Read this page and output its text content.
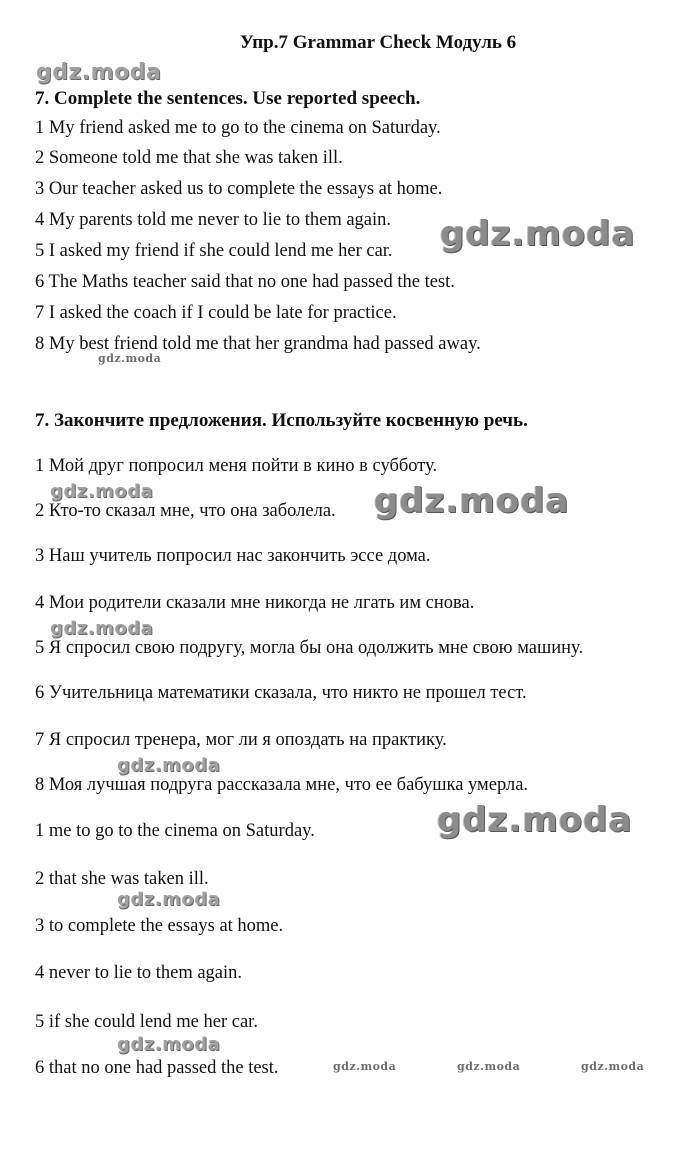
Упр.7 Grammar Check Модуль 6
7. Complete the sentences. Use reported speech.
1 My friend asked me to go to the cinema on Saturday.
2 Someone told me that she was taken ill.
3 Our teacher asked us to complete the essays at home.
4 My parents told me never to lie to them again.
5 I asked my friend if she could lend me her car.
6 The Maths teacher said that no one had passed the test.
7 I asked the coach if I could be late for practice.
8 My best friend told me that her grandma had passed away.
7. Закончите предложения. Используйте косвенную речь.
1 Мой друг попросил меня пойти в кино в субботу.
2 Кто-то сказал мне, что она заболела.
3 Наш учитель попросил нас закончить эссе дома.
4 Мои родители сказали мне никогда не лгать им снова.
5 Я спросил свою подругу, могла бы она одолжить мне свою машину.
6 Учительница математики сказала, что никто не прошел тест.
7 Я спросил тренера, мог ли я опоздать на практику.
8 Моя лучшая подруга рассказала мне, что ее бабушка умерла.
1 me to go to the cinema on Saturday.
2 that she was taken ill.
3 to complete the essays at home.
4 never to lie to them again.
5 if she could lend me her car.
6 that no one had passed the test.
gdz.moda
gdz.moda
gdz.moda
gdz.moda	gdz.moda
gdz.moda
gdz.moda
gdz.moda
gdz.moda
gdz.moda
gdz.moda	gdz.moda	gdz.moda
